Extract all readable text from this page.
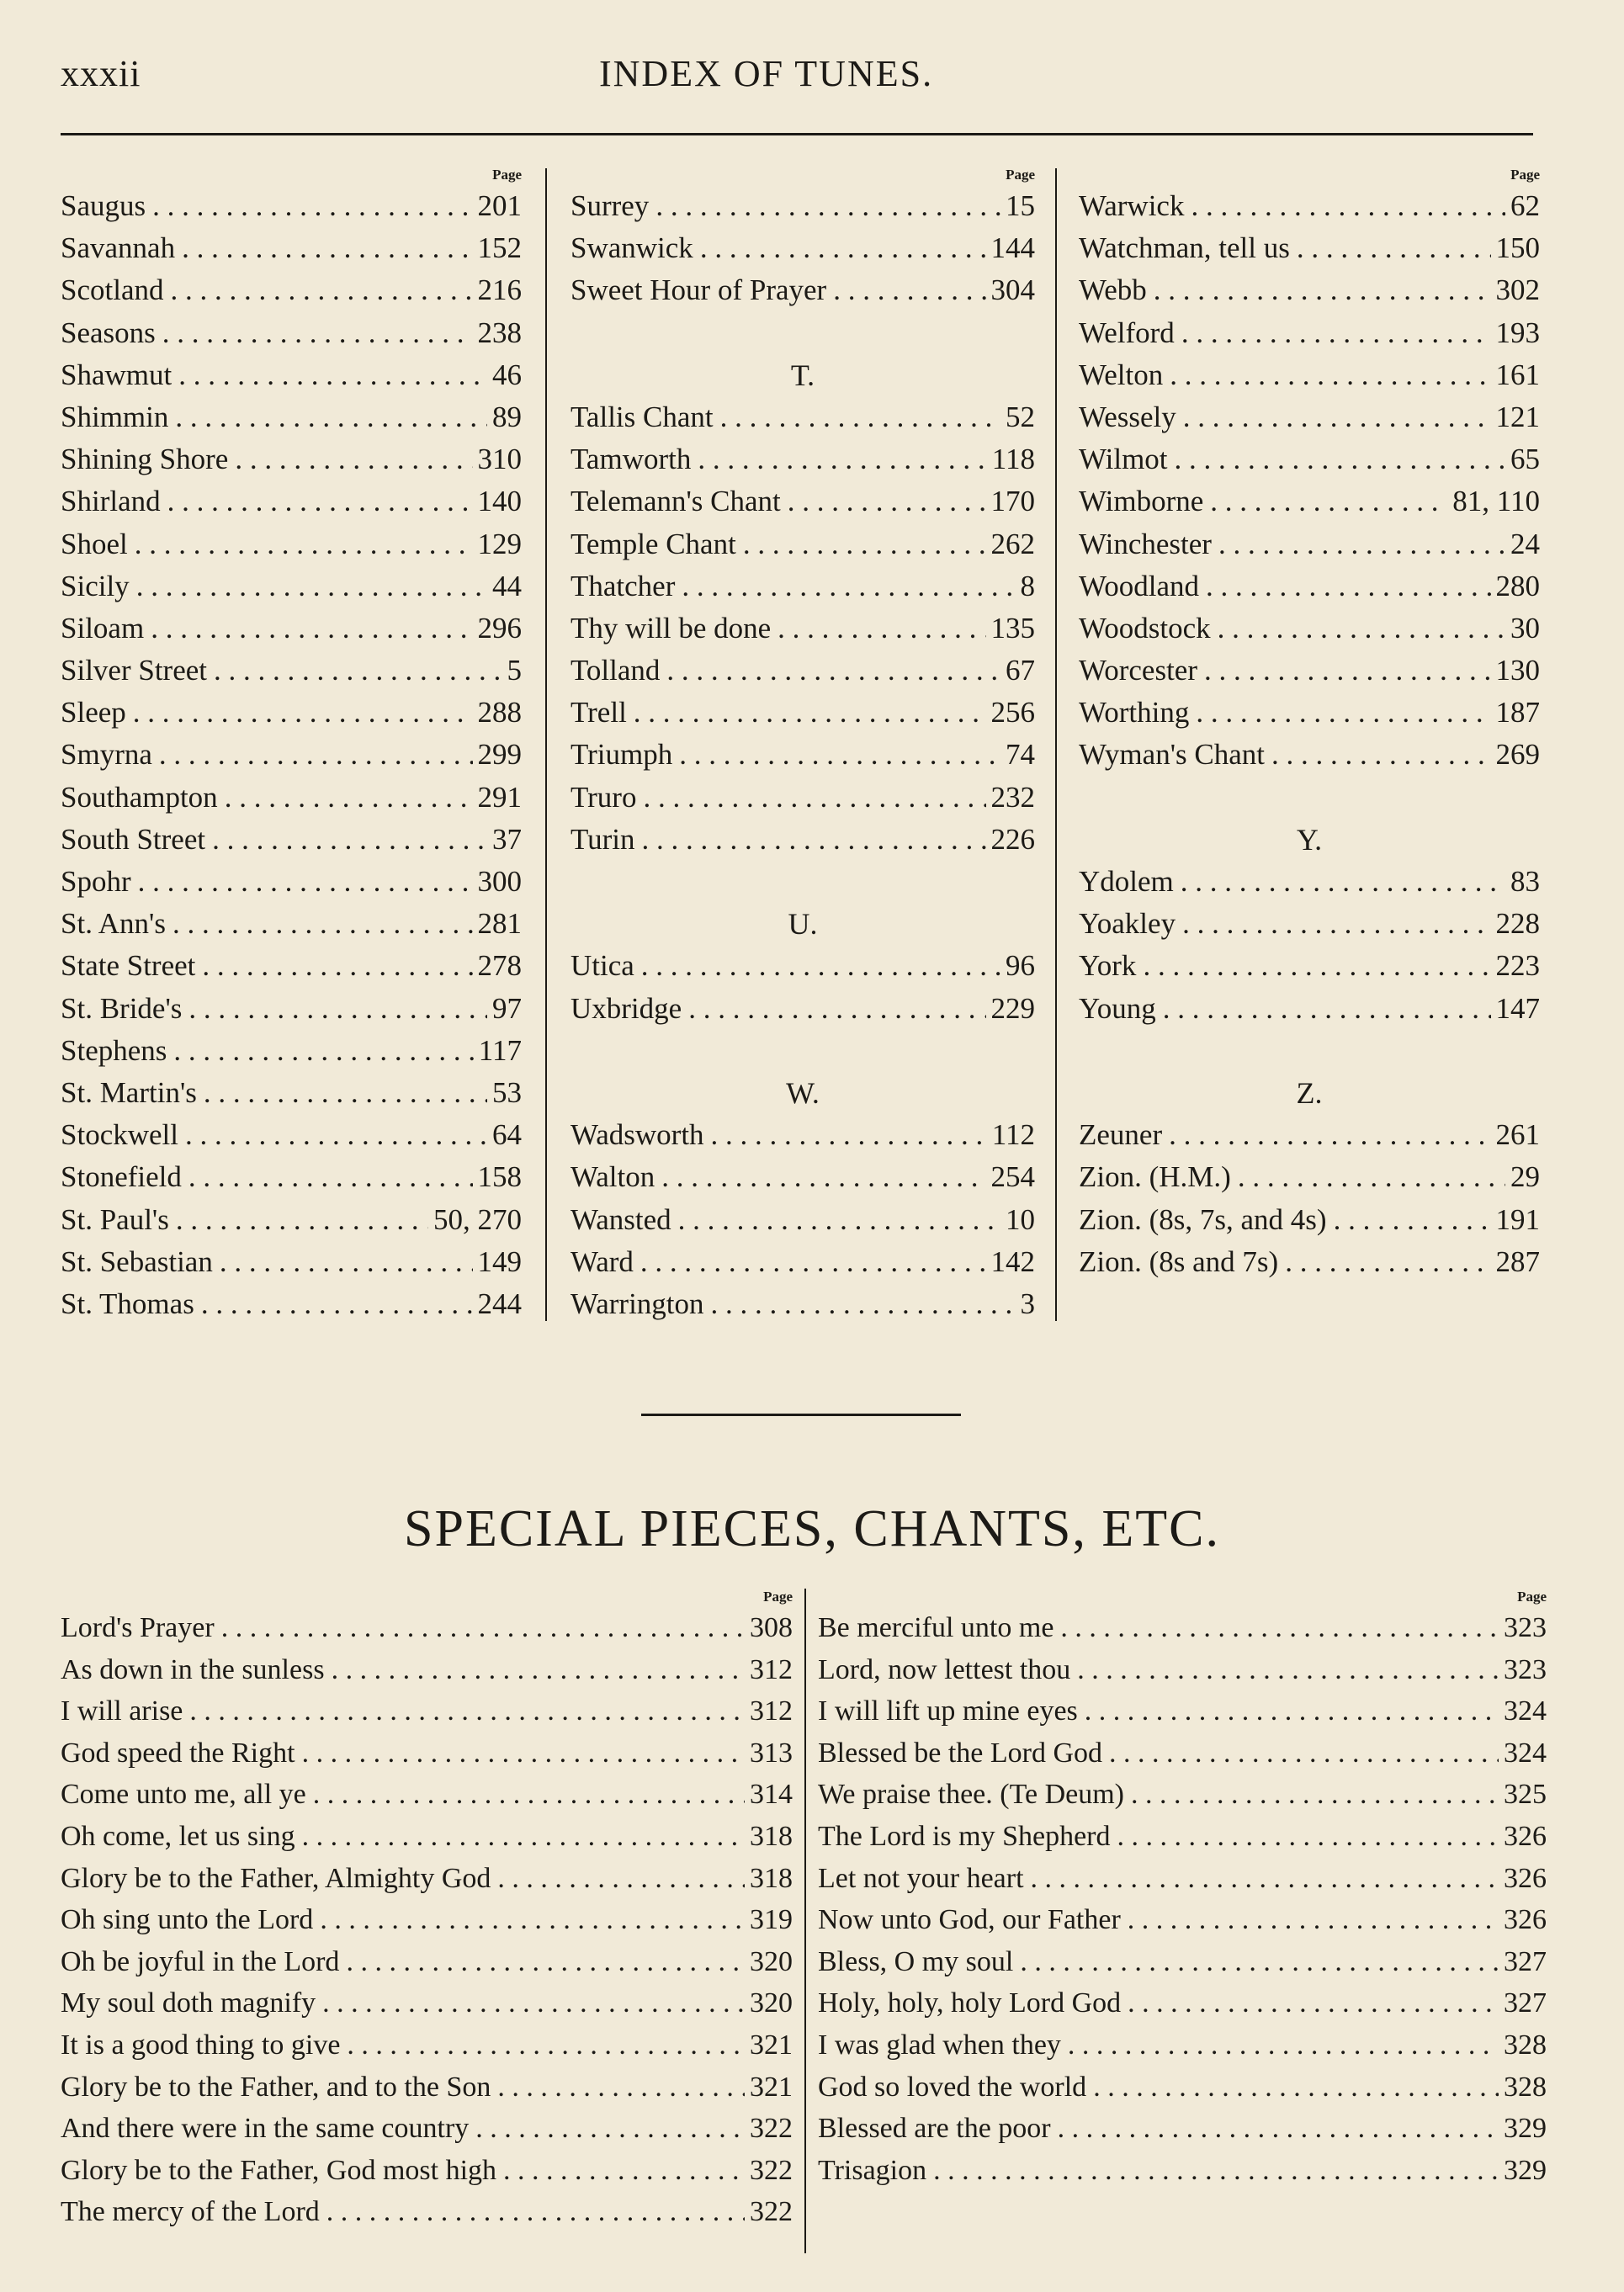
xxxii	INDEX OF TUNES.
Page
Saugus . . .	201
Savannah . . .	152
Scotland . . .	216
Seasons . . .	238
Shawmut . . .	46
Shimmin . . .	89
Shining Shore . . .	310
Shirland . . .	140
Shoel . . .	129
Sicily . . .	44
Siloam . . .	296
Silver Street . . .	5
Sleep . . .	288
Smyrna . . .	299
Southampton . . .	291
South Street . . .	37
Spohr . . .	300
St. Ann's . . .	281
State Street . . .	278
St. Bride's . . .	97
Stephens . . .	117
St. Martin's . . .	53
Stockwell . . .	64
Stonefield . . .	158
St. Paul's . . .	50, 270
St. Sebastian . . .	149
St. Thomas . . .	244
Page
Surrey . . .	15
Swanwick . . .	144
Sweet Hour of Prayer . . .	304
T.
Tallis Chant . . .	52
Tamworth . . .	118
Telemann's Chant . . .	170
Temple Chant . . .	262
Thatcher . . .	8
Thy will be done . . .	135
Tolland . . .	67
Trell . . .	256
Triumph . . .	74
Truro . . .	232
Turin . . .	226
U.
Utica . . .	96
Uxbridge . . .	229
W.
Wadsworth . . .	112
Walton . . .	254
Wansted . . .	10
Ward . . .	142
Warrington . . .	3
Page
Warwick . . .	62
Watchman, tell us . . .	150
Webb . . .	302
Welford . . .	193
Welton . . .	161
Wessely . . .	121
Wilmot . . .	65
Wimborne . . .	81, 110
Winchester . . .	24
Woodland . . .	280
Woodstock . . .	30
Worcester . . .	130
Worthing . . .	187
Wyman's Chant . . .	269
Y.
Ydolem . . .	83
Yoakley . . .	228
York . . .	223
Young . . .	147
Z.
Zeuner . . .	261
Zion. (H.M.) . . .	29
Zion. (8s, 7s, and 4s) . . .	191
Zion. (8s and 7s) . . .	287
SPECIAL PIECES, CHANTS, ETC.
Page
Lord's Prayer . . .	308
As down in the sunless . . .	312
I will arise . . .	312
God speed the Right . . .	313
Come unto me, all ye . . .	314
Oh come, let us sing . . .	318
Glory be to the Father, Almighty God . . .	318
Oh sing unto the Lord . . .	319
Oh be joyful in the Lord . . .	320
My soul doth magnify . . .	320
It is a good thing to give . . .	321
Glory be to the Father, and to the Son . . .	321
And there were in the same country . . .	322
Glory be to the Father, God most high . . .	322
The mercy of the Lord . . .	322
Page
Be merciful unto me . . .	323
Lord, now lettest thou . . .	323
I will lift up mine eyes . . .	324
Blessed be the Lord God . . .	324
We praise thee. (Te Deum) . . .	325
The Lord is my Shepherd . . .	326
Let not your heart . . .	326
Now unto God, our Father . . .	326
Bless, O my soul . . .	327
Holy, holy, holy Lord God . . .	327
I was glad when they . . .	328
God so loved the world . . .	328
Blessed are the poor . . .	329
Trisagion . . .	329
